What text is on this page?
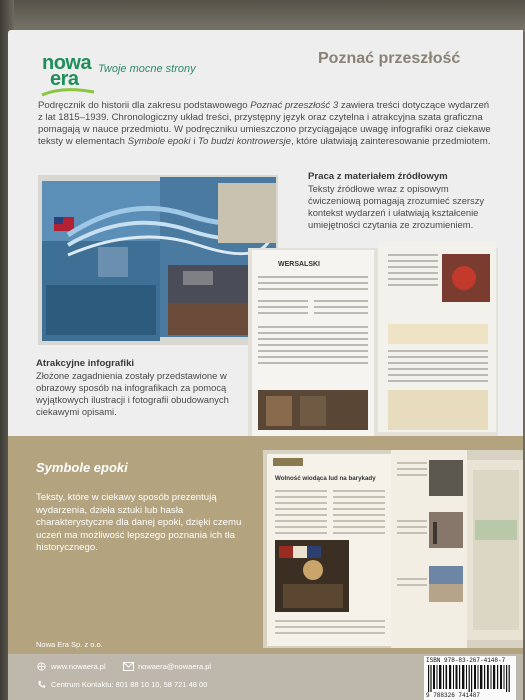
nowa
era Twoje mocne strony
Poznać przeszłość

Podręcznik do historii dla zakresu podstawowego Poznać przeszłość 3 zawiera treści dotyczące wydarzeń z lat 1815–1939. Chronologiczny układ treści, przystępny język oraz czytelna i atrakcyjna szata graficzna pomagają w nauce przedmiotu. W podręczniku umieszczono przyciągające uwagę infografiki oraz ciekawe teksty w elementach Symbole epoki i To budzi kontrowersje, które ułatwiają zainteresowanie przedmiotem.

Praca z materiałem źródłowym

Teksty źródłowe wraz z opisowym ćwiczeniową pomagają zrozumieć szerszy kontekst wydarzeń i ułatwiają kształcenie umiejętności czytania ze zrozumieniem.

WERSALSKI
Atrakcyjne infografiki

Złożone zagadnienia zostały przedstawione w obrazowy sposób na infografikach za pomocą wyjątkowych ilustracji i fotografii obudowanych ciekawymi opisami.

Symbole epoki

Teksty, które w ciekawy sposób prezentują wydarzenia, dzieła sztuki lub hasła charakterystyczne dla danej epoki, dzięki czemu uczeń ma możliwość lepszego poznania ich tła historycznego.

Wolność wiodąca lud na barykady
Nowa Era Sp. z o.o.
www.nowaera.pl	nowaera@nowaera.pl
Centrum Kontaktu: 801 88 10 10, 58 721 48 00
ISBN 978-83-267-4148-7
9 788326 741487
